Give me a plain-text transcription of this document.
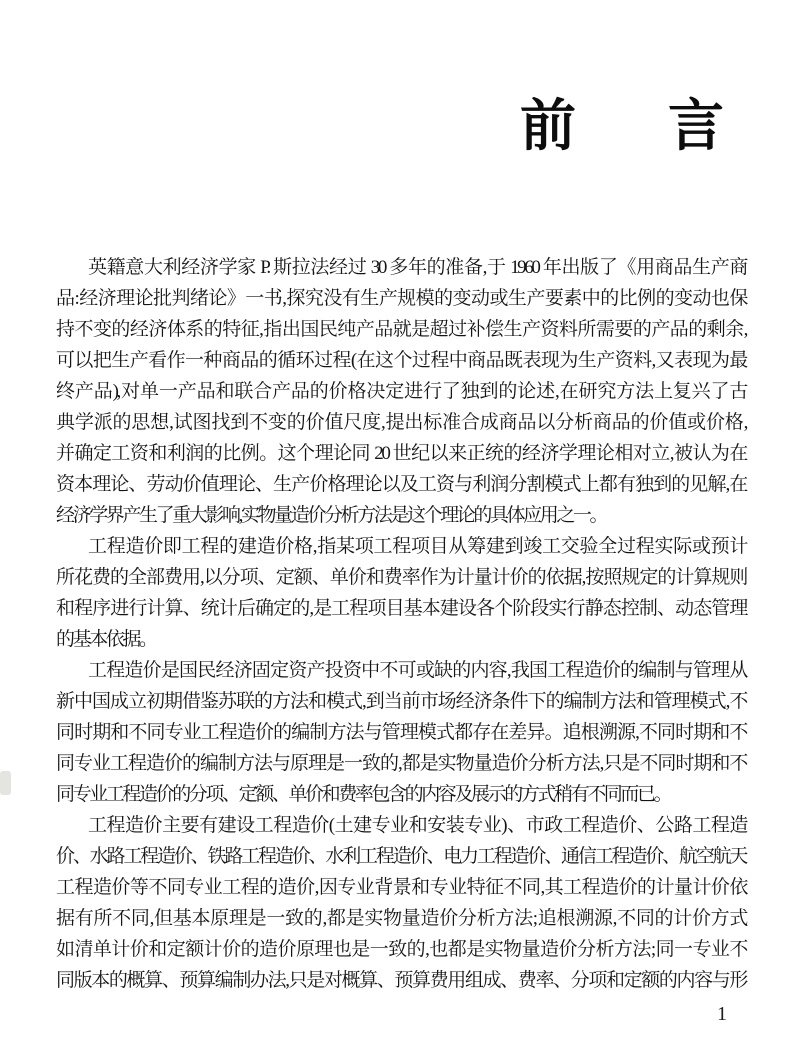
前　言
英籍意大利经济学家 P. 斯拉法经过 30 多年的准备,于 1960 年出版了《用商品生产商
品:经济理论批判绪论》一书,探究没有生产规模的变动或生产要素中的比例的变动也保
持不变的经济体系的特征,指出国民纯产品就是超过补偿生产资料所需要的产品的剩余,
可以把生产看作一种商品的循环过程(在这个过程中商品既表现为生产资料,又表现为最
终产品),对单一产品和联合产品的价格决定进行了独到的论述,在研究方法上复兴了古
典学派的思想,试图找到不变的价值尺度,提出标准合成商品以分析商品的价值或价格,
并确定工资和利润的比例。这个理论同 20 世纪以来正统的经济学理论相对立,被认为在
资本理论、劳动价值理论、生产价格理论以及工资与利润分割模式上都有独到的见解,在
经济学界产生了重大影响,实物量造价分析方法是这个理论的具体应用之一。
工程造价即工程的建造价格,指某项工程项目从筹建到竣工交验全过程实际或预计
所花费的全部费用,以分项、定额、单价和费率作为计量计价的依据,按照规定的计算规则
和程序进行计算、统计后确定的,是工程项目基本建设各个阶段实行静态控制、动态管理
的基本依据。
工程造价是国民经济固定资产投资中不可或缺的内容,我国工程造价的编制与管理从
新中国成立初期借鉴苏联的方法和模式,到当前市场经济条件下的编制方法和管理模式,不
同时期和不同专业工程造价的编制方法与管理模式都存在差异。追根溯源,不同时期和不
同专业工程造价的编制方法与原理是一致的,都是实物量造价分析方法,只是不同时期和不
同专业工程造价的分项、定额、单价和费率包含的内容及展示的方式稍有不同而已。
工程造价主要有建设工程造价(土建专业和安装专业)、市政工程造价、公路工程造
价、水路工程造价、铁路工程造价、水利工程造价、电力工程造价、通信工程造价、航空航天
工程造价等不同专业工程的造价,因专业背景和专业特征不同,其工程造价的计量计价依
据有所不同,但基本原理是一致的,都是实物量造价分析方法;追根溯源,不同的计价方式
如清单计价和定额计价的造价原理也是一致的,也都是实物量造价分析方法;同一专业不
同版本的概算、预算编制办法,只是对概算、预算费用组成、费率、分项和定额的内容与形
1
